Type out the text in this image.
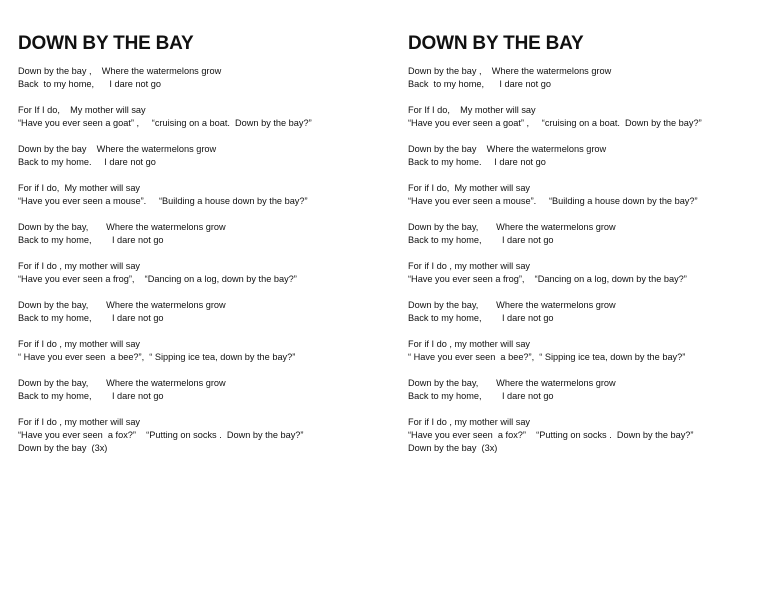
DOWN BY THE BAY
Down by the bay ,    Where the watermelons grow
Back  to my home,      I dare not go
For If I do,    My mother will say
“Have you ever seen a goat” ,     “cruising on a boat.  Down by the bay?”
Down by the bay    Where the watermelons grow
Back to my home.     I dare not go
For if I do,  My mother will say
“Have you ever seen a mouse”.     “Building a house down by the bay?”
Down by the bay,       Where the watermelons grow
Back to my home,        I dare not go
For if I do , my mother will say
“Have you ever seen a frog”,    “Dancing on a log, down by the bay?”
Down by the bay,       Where the watermelons grow
Back to my home,        I dare not go
For if I do , my mother will say
“ Have you ever seen  a bee?”,  “ Sipping ice tea, down by the bay?”
Down by the bay,       Where the watermelons grow
Back to my home,        I dare not go
For if I do , my mother will say
“Have you ever seen  a fox?”    “Putting on socks .  Down by the bay?”
Down by the bay  (3x)
DOWN BY THE BAY
Down by the bay ,    Where the watermelons grow
Back  to my home,      I dare not go
For If I do,    My mother will say
“Have you ever seen a goat” ,     “cruising on a boat.  Down by the bay?”
Down by the bay    Where the watermelons grow
Back to my home.     I dare not go
For if I do,  My mother will say
“Have you ever seen a mouse”.     “Building a house down by the bay?”
Down by the bay,       Where the watermelons grow
Back to my home,        I dare not go
For if I do , my mother will say
“Have you ever seen a frog”,    “Dancing on a log, down by the bay?”
Down by the bay,       Where the watermelons grow
Back to my home,        I dare not go
For if I do , my mother will say
“ Have you ever seen  a bee?”,  “ Sipping ice tea, down by the bay?”
Down by the bay,       Where the watermelons grow
Back to my home,        I dare not go
For if I do , my mother will say
“Have you ever seen  a fox?”    “Putting on socks .  Down by the bay?”
Down by the bay  (3x)
